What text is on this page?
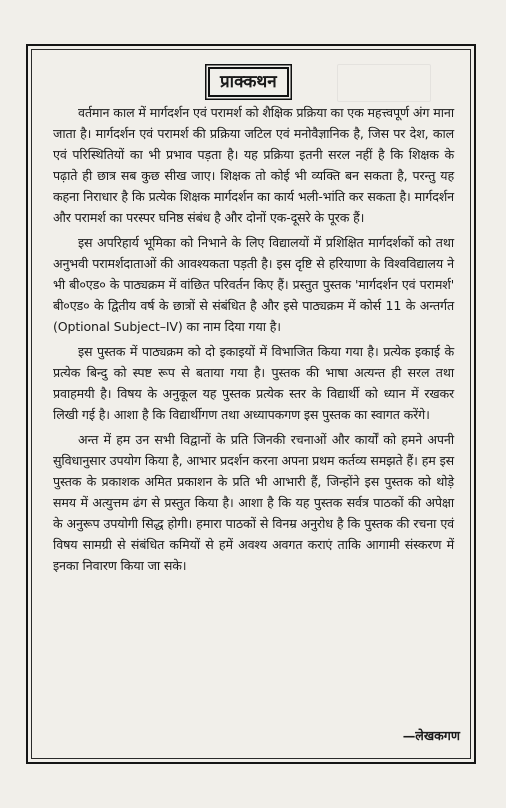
प्राक्कथन

वर्तमान काल में मार्गदर्शन एवं परामर्श को शैक्षिक प्रक्रिया का एक महत्त्वपूर्ण अंग माना जाता है। मार्गदर्शन एवं परामर्श की प्रक्रिया जटिल एवं मनोवैज्ञानिक है, जिस पर देश, काल एवं परिस्थितियों का भी प्रभाव पड़ता है। यह प्रक्रिया इतनी सरल नहीं है कि शिक्षक के पढ़ाते ही छात्र सब कुछ सीख जाए। शिक्षक तो कोई भी व्यक्ति बन सकता है, परन्तु यह कहना निराधार है कि प्रत्येक शिक्षक मार्गदर्शन का कार्य भली-भांति कर सकता है। मार्गदर्शन और परामर्श का परस्पर घनिष्ठ संबंध है और दोनों एक-दूसरे के पूरक हैं।

इस अपरिहार्य भूमिका को निभाने के लिए विद्यालयों में प्रशिक्षित मार्गदर्शकों को तथा अनुभवी परामर्शदाताओं की आवश्यकता पड़ती है। इस दृष्टि से हरियाणा के विश्वविद्यालय ने भी बी०एड० के पाठ्यक्रम में वांछित परिवर्तन किए हैं। प्रस्तुत पुस्तक 'मार्गदर्शन एवं परामर्श' बी०एड० के द्वितीय वर्ष के छात्रों से संबंधित है और इसे पाठ्यक्रम में कोर्स 11 के अन्तर्गत (Optional Subject–IV) का नाम दिया गया है।

इस पुस्तक में पाठ्यक्रम को दो इकाइयों में विभाजित किया गया है। प्रत्येक इकाई के प्रत्येक बिन्दु को स्पष्ट रूप से बताया गया है। पुस्तक की भाषा अत्यन्त ही सरल तथा प्रवाहमयी है। विषय के अनुकूल यह पुस्तक प्रत्येक स्तर के विद्यार्थी को ध्यान में रखकर लिखी गई है। आशा है कि विद्यार्थीगण तथा अध्यापकगण इस पुस्तक का स्वागत करेंगे।

अन्त में हम उन सभी विद्वानों के प्रति जिनकी रचनाओं और कार्यों को हमने अपनी सुविधानुसार उपयोग किया है, आभार प्रदर्शन करना अपना प्रथम कर्तव्य समझते हैं। हम इस पुस्तक के प्रकाशक अमित प्रकाशन के प्रति भी आभारी हैं, जिन्होंने इस पुस्तक को थोड़े समय में अत्युत्तम ढंग से प्रस्तुत किया है। आशा है कि यह पुस्तक सर्वत्र पाठकों की अपेक्षा के अनुरूप उपयोगी सिद्ध होगी। हमारा पाठकों से विनम्र अनुरोध है कि पुस्तक की रचना एवं विषय सामग्री से संबंधित कमियों से हमें अवश्य अवगत कराएं ताकि आगामी संस्करण में इनका निवारण किया जा सके।

—लेखकगण
